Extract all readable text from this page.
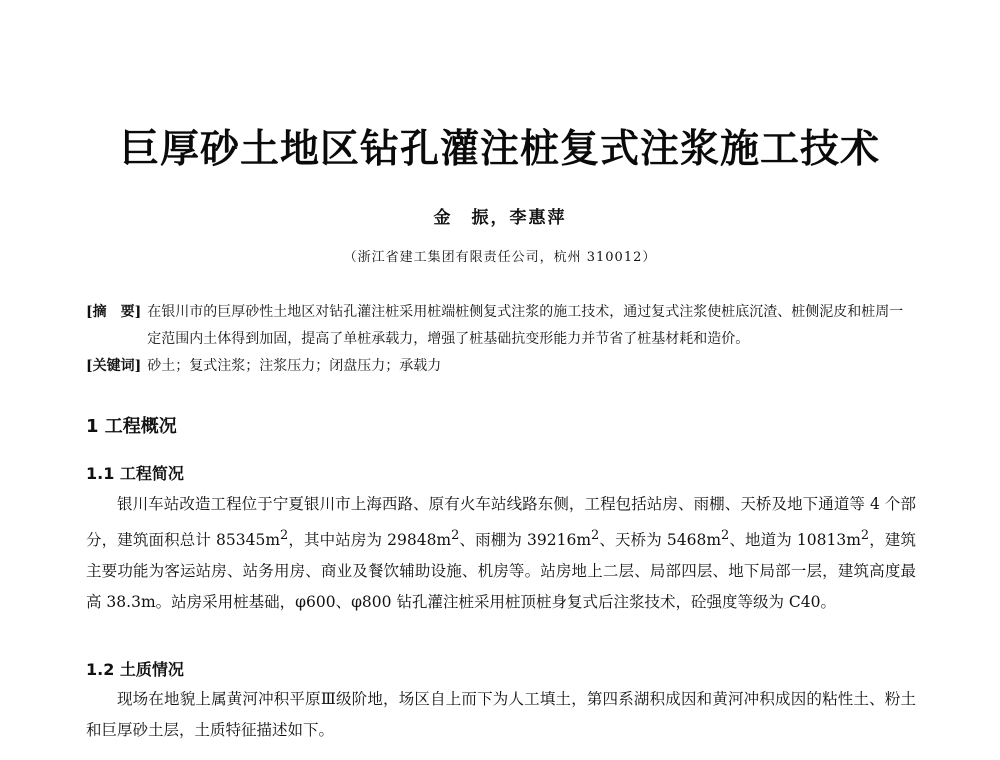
巨厚砂土地区钻孔灌注桩复式注浆施工技术
金　振，李惠萍
（浙江省建工集团有限责任公司，杭州 310012）
[摘　要] 在银川市的巨厚砂性土地区对钻孔灌注桩采用桩端桩侧复式注浆的施工技术，通过复式注浆使桩底沉渣、桩侧泥皮和桩周一定范围内土体得到加固，提高了单桩承载力，增强了桩基础抗变形能力并节省了桩基材耗和造价。
[关键词] 砂土；复式注浆；注浆压力；闭盘压力；承载力
1 工程概况
1.1 工程简况

银川车站改造工程位于宁夏银川市上海西路、原有火车站线路东侧，工程包括站房、雨棚、天桥及地下通道等 4 个部分，建筑面积总计 $85345m^2$，其中站房为 $29848m^2$、雨棚为 $39216m^2$、天桥为 $5468m^2$、地道为 $10813m^2$，建筑主要功能为客运站房、站务用房、商业及餐饮辅助设施、机房等。站房地上二层、局部四层、地下局部一层，建筑高度最高 38.3m。站房采用桩基础，φ600、φ800 钻孔灌注桩采用桩顶桩身复式后注浆技术，砼强度等级为 C40。

1.2 土质情况

现场在地貌上属黄河冲积平原Ⅲ级阶地，场区自上而下为人工填土，第四系湖积成因和黄河冲积成因的粘性土、粉土和巨厚砂土层，土质特征描述如下。
